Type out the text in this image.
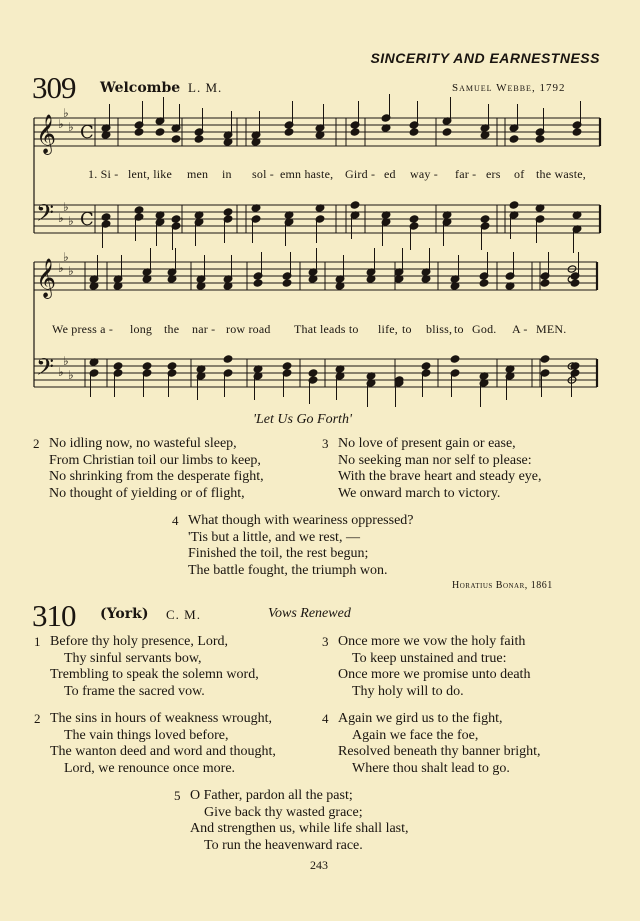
SINCERITY AND EARNESTNESS
309 Welcombe L. M.	Samuel Webbe, 1792
𝄞
𝄢
♭
♭
♭
♭
♭
♭
C
C
𝄞
𝄢
♭
♭
♭
♭
♭
♭
1. Si - lent, like men in sol - emn haste, Gird - ed way - far - ers of the waste,
We press a - long the nar - row road That leads to life, to bliss, to God. A - MEN.
'Let Us Go Forth'
2 No idling now, no wasteful sleep,
From Christian toil our limbs to keep,
No shrinking from the desperate fight,
No thought of yielding or of flight,
3 No love of present gain or ease,
No seeking man nor self to please:
With the brave heart and steady eye,
We onward march to victory.
4 What though with weariness oppressed?
'Tis but a little, and we rest, —
Finished the toil, the rest begun;
The battle fought, the triumph won.
Horatius Bonar, 1861
310 (York) C. M.	Vows Renewed
1 Before thy holy presence, Lord,
Thy sinful servants bow,
Trembling to speak the solemn word,
To frame the sacred vow.
2 The sins in hours of weakness wrought,
The vain things loved before,
The wanton deed and word and thought,
Lord, we renounce once more.
3 Once more we vow the holy faith
To keep unstained and true:
Once more we promise unto death
Thy holy will to do.
4 Again we gird us to the fight,
Again we face the foe,
Resolved beneath thy banner bright,
Where thou shalt lead to go.
5 O Father, pardon all the past;
Give back thy wasted grace;
And strengthen us, while life shall last,
To run the heavenward race.
243
